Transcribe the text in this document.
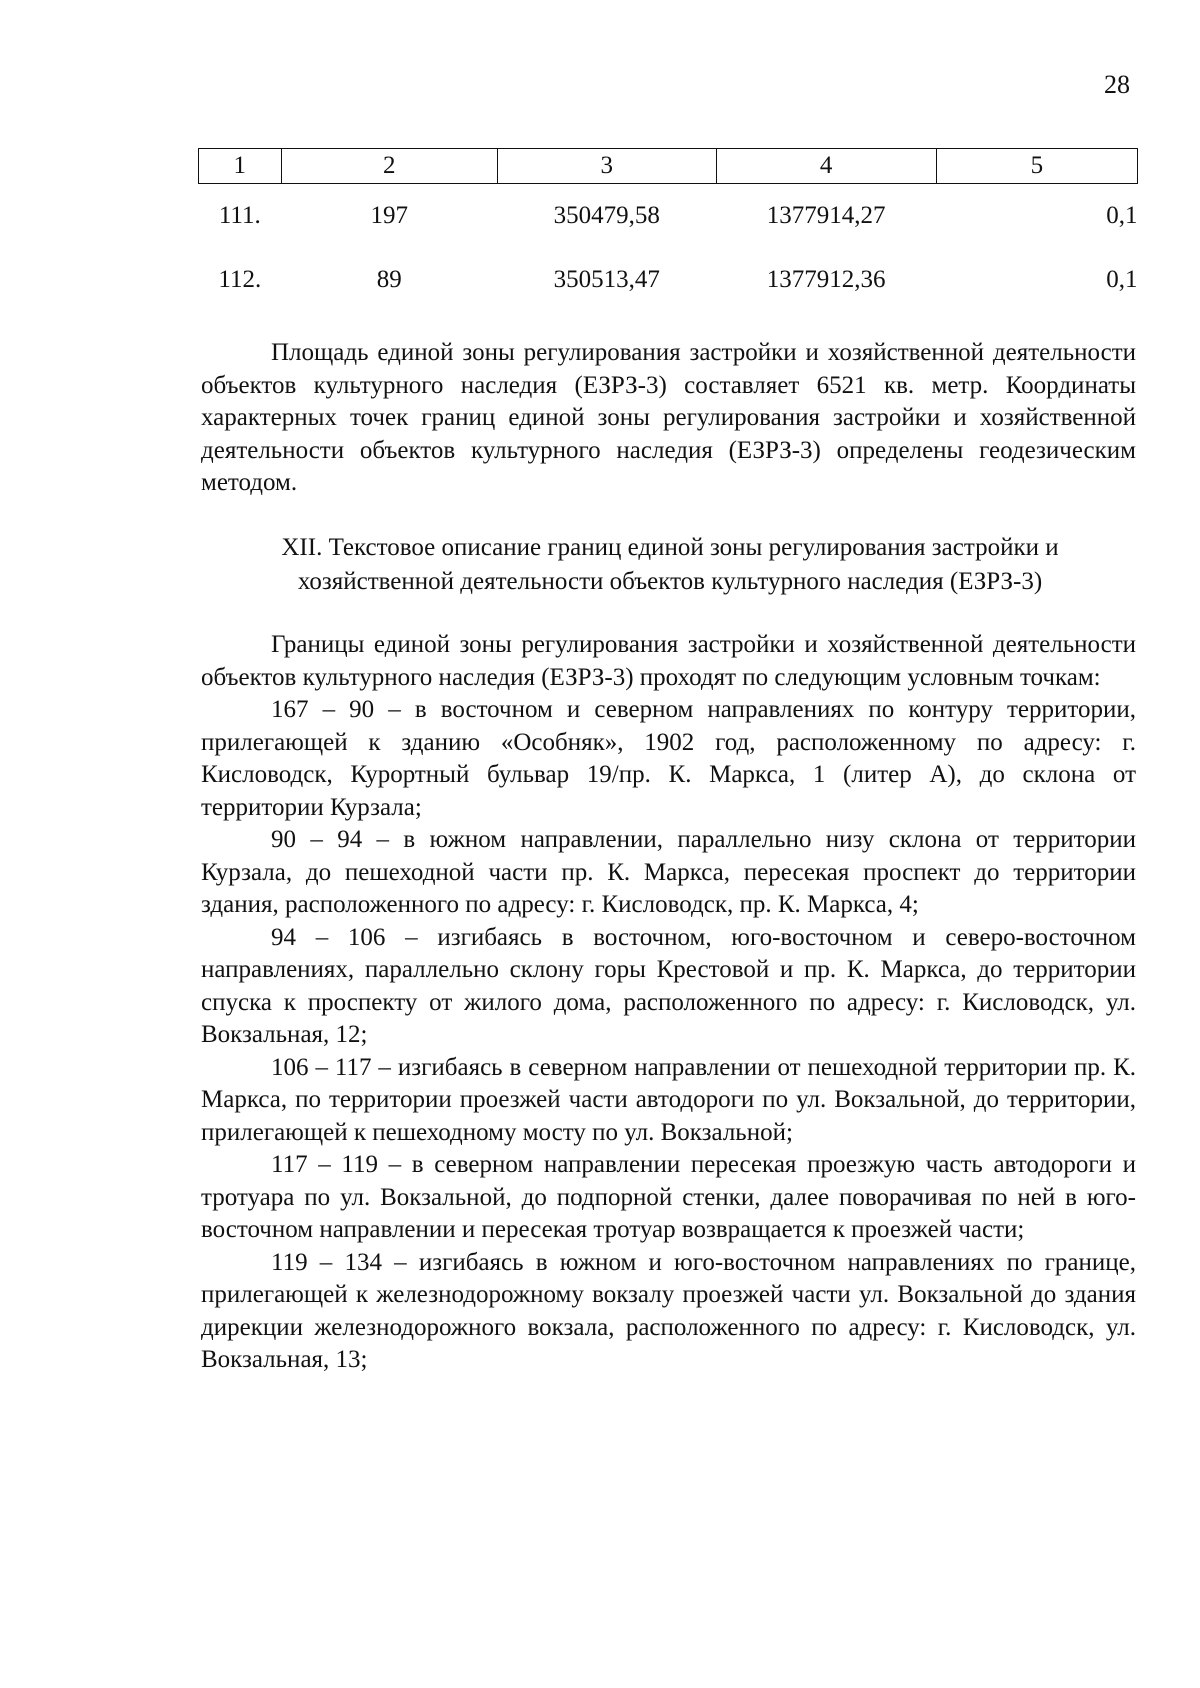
28
1	2	3	4	5
111.	197	350479,58	1377914,27	0,1
112.	89	350513,47	1377912,36	0,1

Площадь единой зоны регулирования застройки и хозяйственной деятельности объектов культурного наследия (ЕЗРЗ-3) составляет 6521 кв. метр. Координаты характерных точек границ единой зоны регулирования застройки и хозяйственной деятельности объектов культурного наследия (ЕЗРЗ-3) определены геодезическим методом.

XII. Текстовое описание границ единой зоны регулирования застройки и
хозяйственной деятельности объектов культурного наследия (ЕЗРЗ-3)

Границы единой зоны регулирования застройки и хозяйственной деятельности объектов культурного наследия (ЕЗРЗ-3) проходят по следующим условным точкам:

167 – 90 – в восточном и северном направлениях по контуру территории, прилегающей к зданию «Особняк», 1902 год, расположенному по адресу: г. Кисловодск, Курортный бульвар 19/пр. К. Маркса, 1 (литер А), до склона от территории Курзала;

90 – 94 – в южном направлении, параллельно низу склона от территории Курзала, до пешеходной части пр. К. Маркса, пересекая проспект до территории здания, расположенного по адресу: г. Кисловодск, пр. К. Маркса, 4;

94 – 106 – изгибаясь в восточном, юго-восточном и северо-восточном направлениях, параллельно склону горы Крестовой и пр. К. Маркса, до территории спуска к проспекту от жилого дома, расположенного по адресу: г. Кисловодск, ул. Вокзальная, 12;

106 – 117 – изгибаясь в северном направлении от пешеходной территории пр. К. Маркса, по территории проезжей части автодороги по ул. Вокзальной, до территории, прилегающей к пешеходному мосту по ул. Вокзальной;

117 – 119 – в северном направлении пересекая проезжую часть автодороги и тротуара по ул. Вокзальной, до подпорной стенки, далее поворачивая по ней в юго-восточном направлении и пересекая тротуар возвращается к проезжей части;

119 – 134 – изгибаясь в южном и юго-восточном направлениях по границе, прилегающей к железнодорожному вокзалу проезжей части ул. Вокзальной до здания дирекции железнодорожного вокзала, расположенного по адресу: г. Кисловодск, ул. Вокзальная, 13;
